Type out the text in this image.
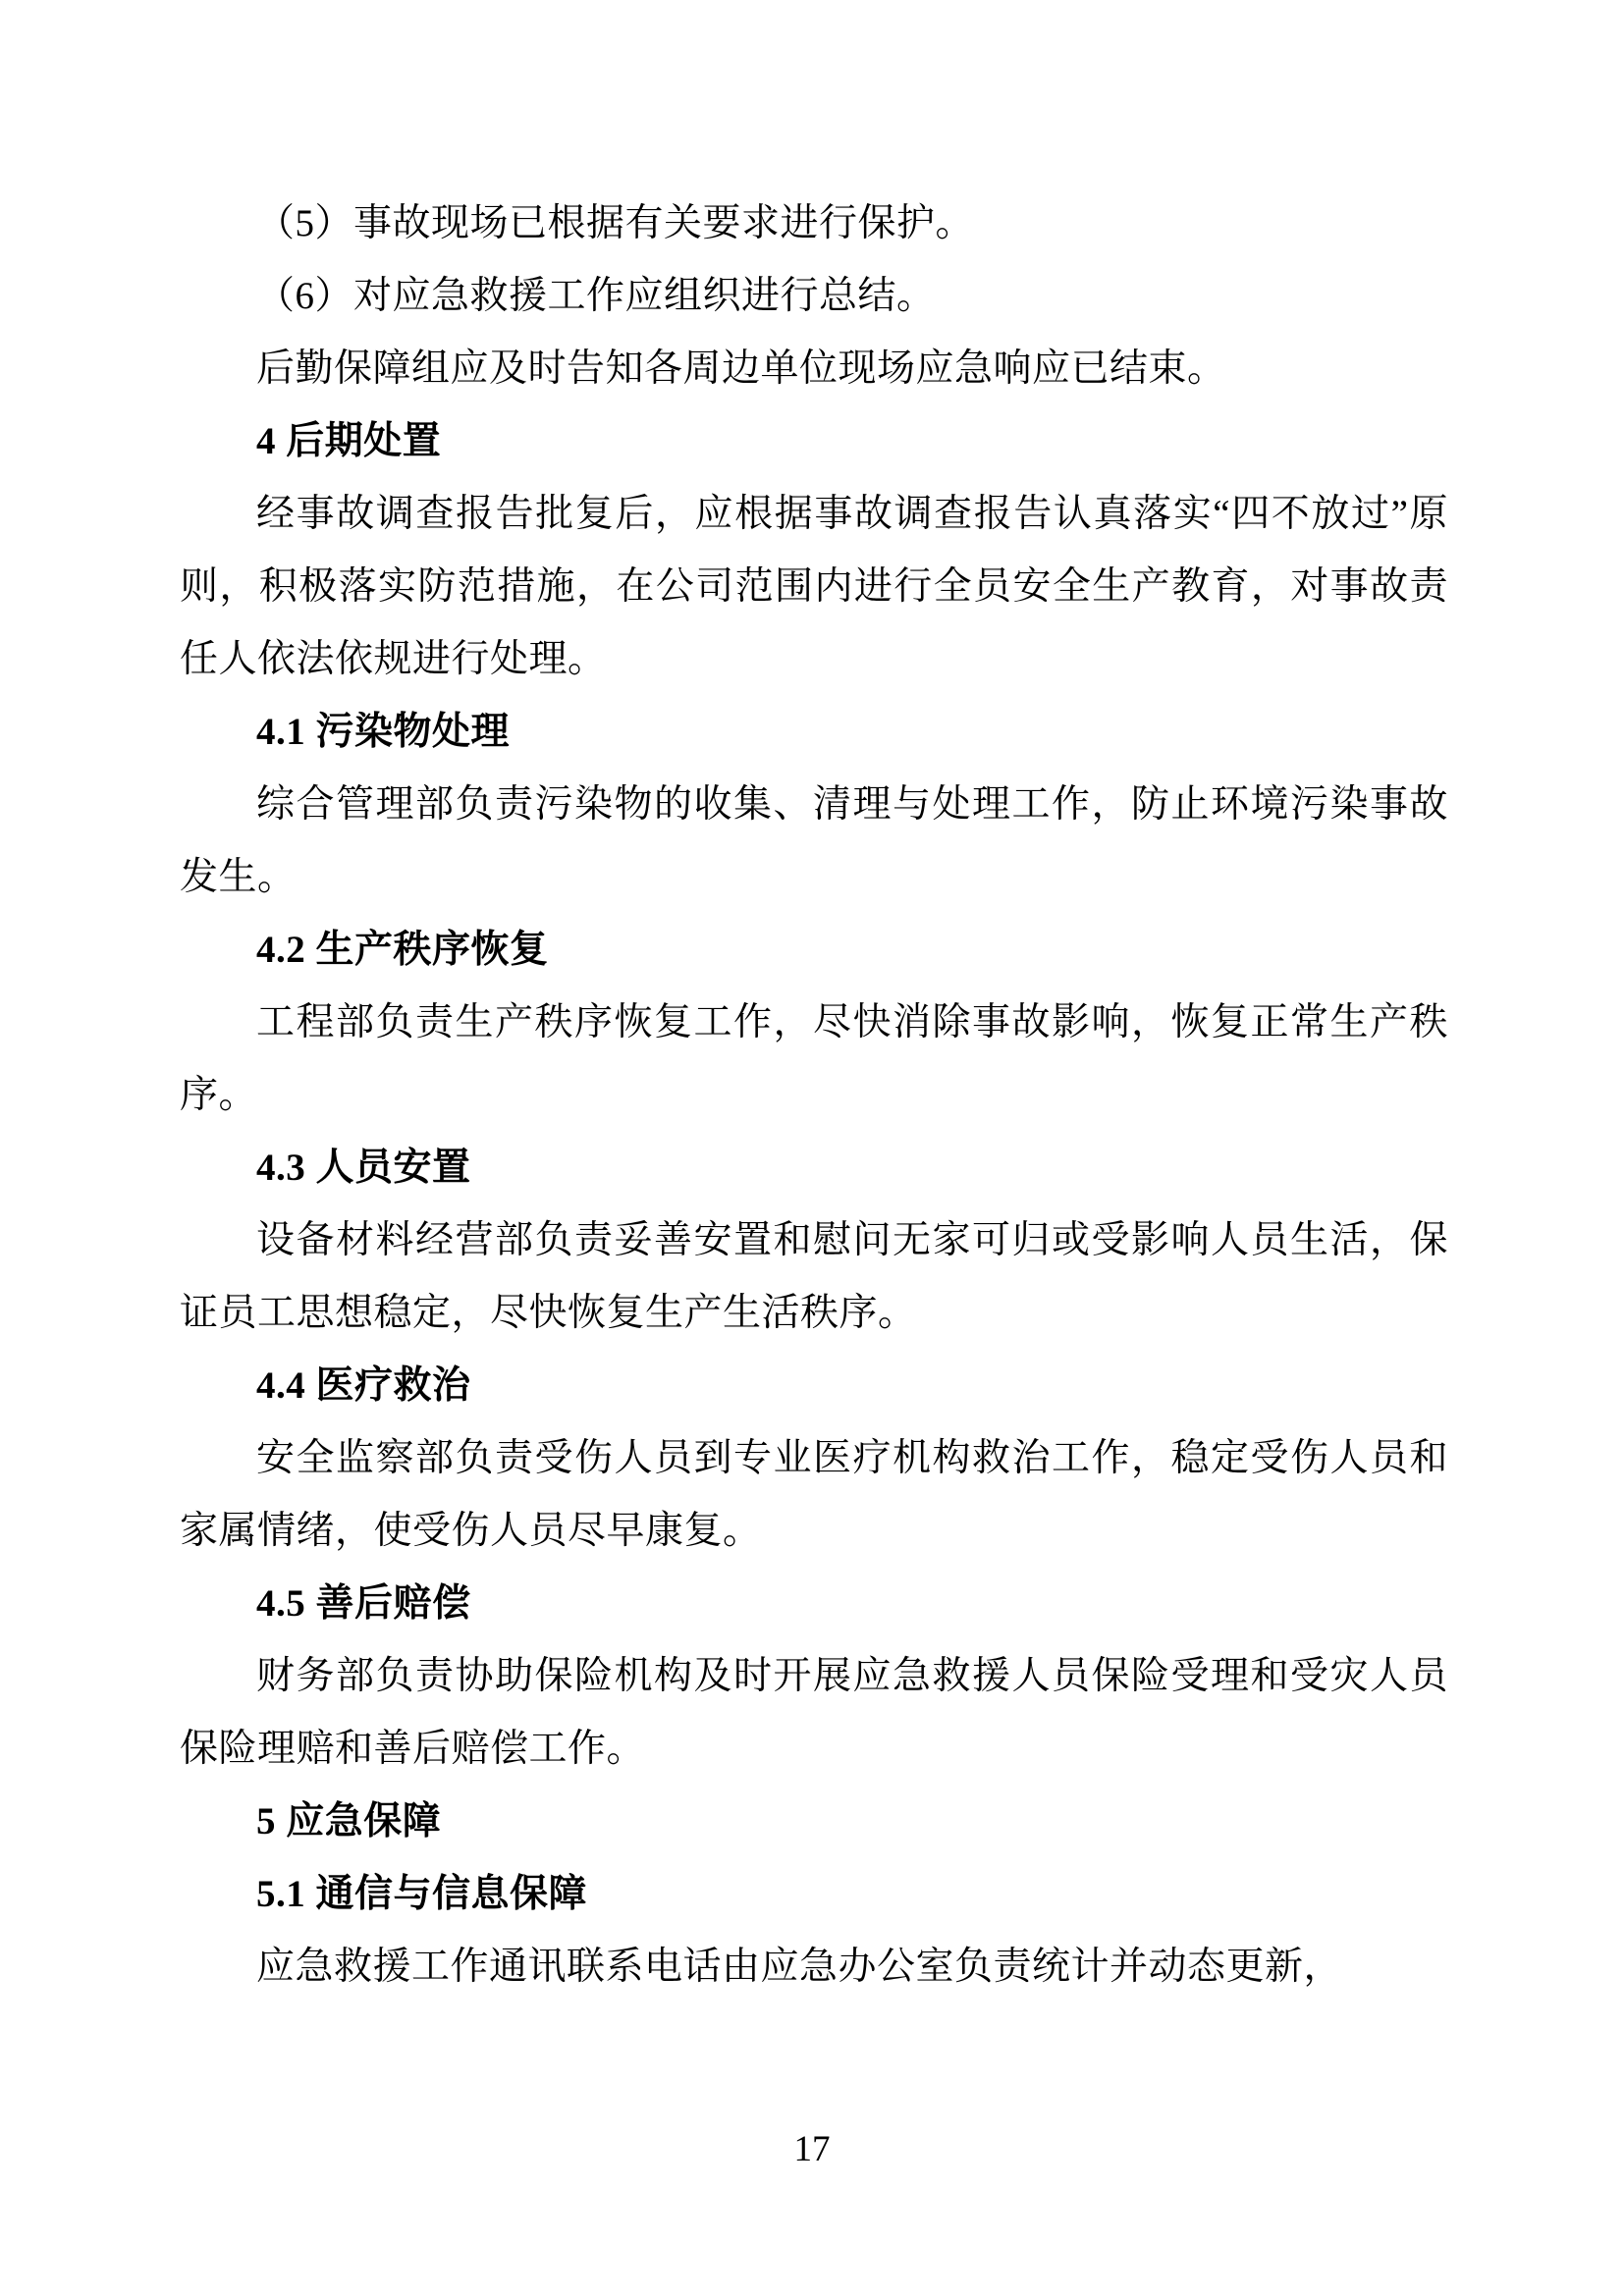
（5）事故现场已根据有关要求进行保护。

（6）对应急救援工作应组织进行总结。

后勤保障组应及时告知各周边单位现场应急响应已结束。

4 后期处置

经事故调查报告批复后，应根据事故调查报告认真落实“四不放过”原则，积极落实防范措施，在公司范围内进行全员安全生产教育，对事故责任人依法依规进行处理。

4.1 污染物处理

综合管理部负责污染物的收集、清理与处理工作，防止环境污染事故发生。

4.2 生产秩序恢复

工程部负责生产秩序恢复工作，尽快消除事故影响，恢复正常生产秩序。

4.3 人员安置

设备材料经营部负责妥善安置和慰问无家可归或受影响人员生活，保证员工思想稳定，尽快恢复生产生活秩序。

4.4 医疗救治

安全监察部负责受伤人员到专业医疗机构救治工作，稳定受伤人员和家属情绪，使受伤人员尽早康复。

4.5 善后赔偿

财务部负责协助保险机构及时开展应急救援人员保险受理和受灾人员保险理赔和善后赔偿工作。

5 应急保障

5.1 通信与信息保障

应急救援工作通讯联系电话由应急办公室负责统计并动态更新，

17
